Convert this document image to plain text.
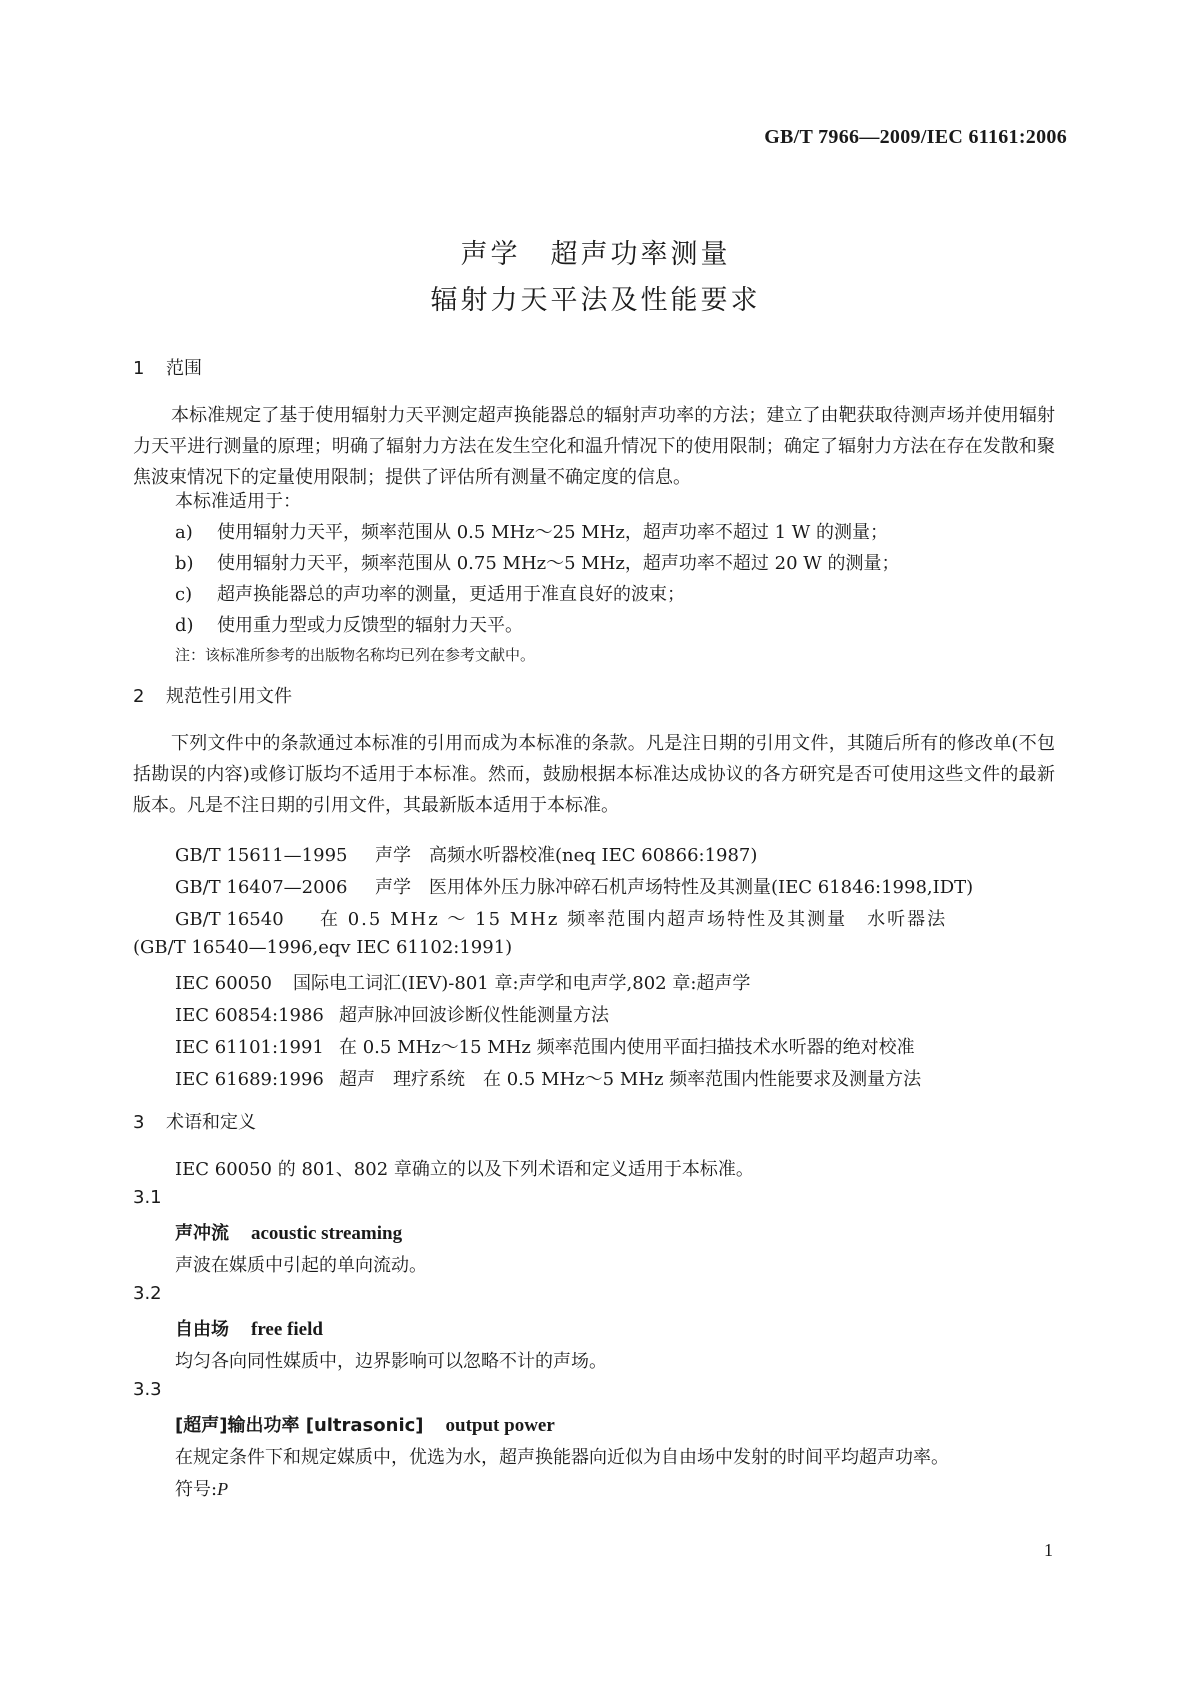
GB/T 7966—2009/IEC 61161:2006
声学　超声功率测量
辐射力天平法及性能要求
1 范围

本标准规定了基于使用辐射力天平测定超声换能器总的辐射声功率的方法；建立了由靶获取待测声场并使用辐射力天平进行测量的原理；明确了辐射力方法在发生空化和温升情况下的使用限制；确定了辐射力方法在存在发散和聚焦波束情况下的定量使用限制；提供了评估所有测量不确定度的信息。

本标准适用于：
a) 使用辐射力天平，频率范围从 0.5 MHz～25 MHz，超声功率不超过 1 W 的测量；
b) 使用辐射力天平，频率范围从 0.75 MHz～5 MHz，超声功率不超过 20 W 的测量；
c) 超声换能器总的声功率的测量，更适用于准直良好的波束；
d) 使用重力型或力反馈型的辐射力天平。
注：该标准所参考的出版物名称均已列在参考文献中。
2 规范性引用文件

下列文件中的条款通过本标准的引用而成为本标准的条款。凡是注日期的引用文件，其随后所有的修改单(不包括勘误的内容)或修订版均不适用于本标准。然而，鼓励根据本标准达成协议的各方研究是否可使用这些文件的最新版本。凡是不注日期的引用文件，其最新版本适用于本标准。

GB/T 15611—1995 声学　高频水听器校准(neq IEC 60866:1987)
GB/T 16407—2006 声学　医用体外压力脉冲碎石机声场特性及其测量(IEC 61846:1998,IDT)
GB/T 16540 在 0.5 MHz ～ 15 MHz 频率范围内超声场特性及其测量　水听器法
(GB/T 16540—1996,eqv IEC 61102:1991)
IEC 60050 国际电工词汇(IEV)-801 章:声学和电声学,802 章:超声学
IEC 60854:1986 超声脉冲回波诊断仪性能测量方法
IEC 61101:1991 在 0.5 MHz～15 MHz 频率范围内使用平面扫描技术水听器的绝对校准
IEC 61689:1996 超声　理疗系统　在 0.5 MHz～5 MHz 频率范围内性能要求及测量方法
3 术语和定义
IEC 60050 的 801、802 章确立的以及下列术语和定义适用于本标准。
3.1
声冲流 acoustic streaming
声波在媒质中引起的单向流动。
3.2
自由场 free field
均匀各向同性媒质中，边界影响可以忽略不计的声场。
3.3
[超声]输出功率 [ultrasonic] output power
在规定条件下和规定媒质中，优选为水，超声换能器向近似为自由场中发射的时间平均超声功率。
符号:P
1
